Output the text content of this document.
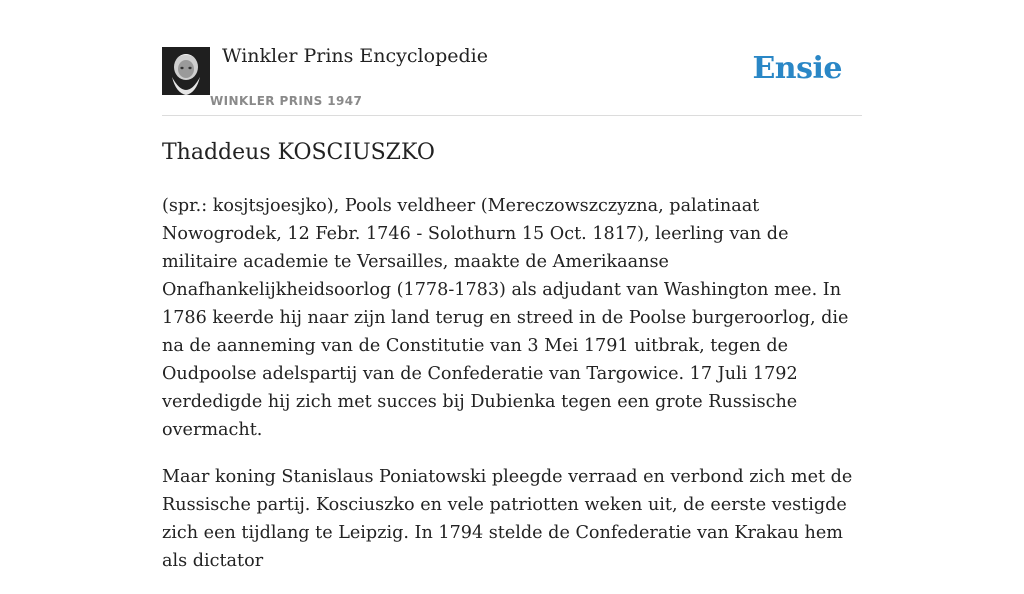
Winkler Prins Encyclopedie
WINKLER PRINS 1947
Ensie
Thaddeus KOSCIUSZKO

(spr.: kosjtsjoesjko), Pools veldheer (Mereczowszczyzna, palatinaat Nowogrodek, 12 Febr. 1746 - Solothurn 15 Oct. 1817), leerling van de militaire academie te Versailles, maakte de Amerikaanse Onafhankelijkheidsoorlog (1778-1783) als adjudant van Washington mee. In 1786 keerde hij naar zijn land terug en streed in de Poolse burgeroorlog, die na de aanneming van de Constitutie van 3 Mei 1791 uitbrak, tegen de Oudpoolse adelspartij van de Confederatie van Targowice. 17 Juli 1792 verdedigde hij zich met succes bij Dubienka tegen een grote Russische overmacht.

Maar koning Stanislaus Poniatowski pleegde verraad en verbond zich met de Russische partij. Kosciuszko en vele patriotten weken uit, de eerste vestigde zich een tijdlang te Leipzig. In 1794 stelde de Confederatie van Krakau hem als dictator
